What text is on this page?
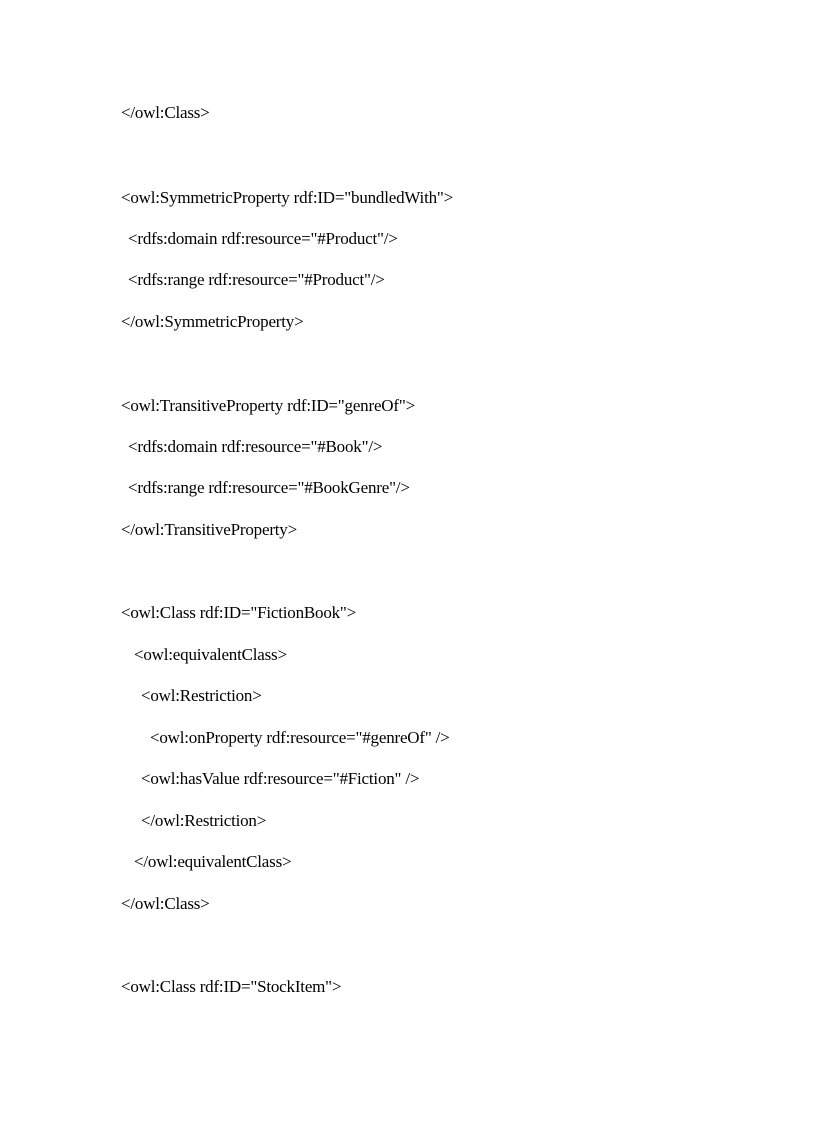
</owl:Class>
<owl:SymmetricProperty rdf:ID="bundledWith">
<rdfs:domain rdf:resource="#Product"/>
<rdfs:range rdf:resource="#Product"/>
</owl:SymmetricProperty>
<owl:TransitiveProperty rdf:ID="genreOf">
<rdfs:domain rdf:resource="#Book"/>
<rdfs:range rdf:resource="#BookGenre"/>
</owl:TransitiveProperty>
<owl:Class rdf:ID="FictionBook">
<owl:equivalentClass>
<owl:Restriction>
<owl:onProperty rdf:resource="#genreOf" />
<owl:hasValue rdf:resource="#Fiction" />
</owl:Restriction>
</owl:equivalentClass>
</owl:Class>
<owl:Class rdf:ID="StockItem">
